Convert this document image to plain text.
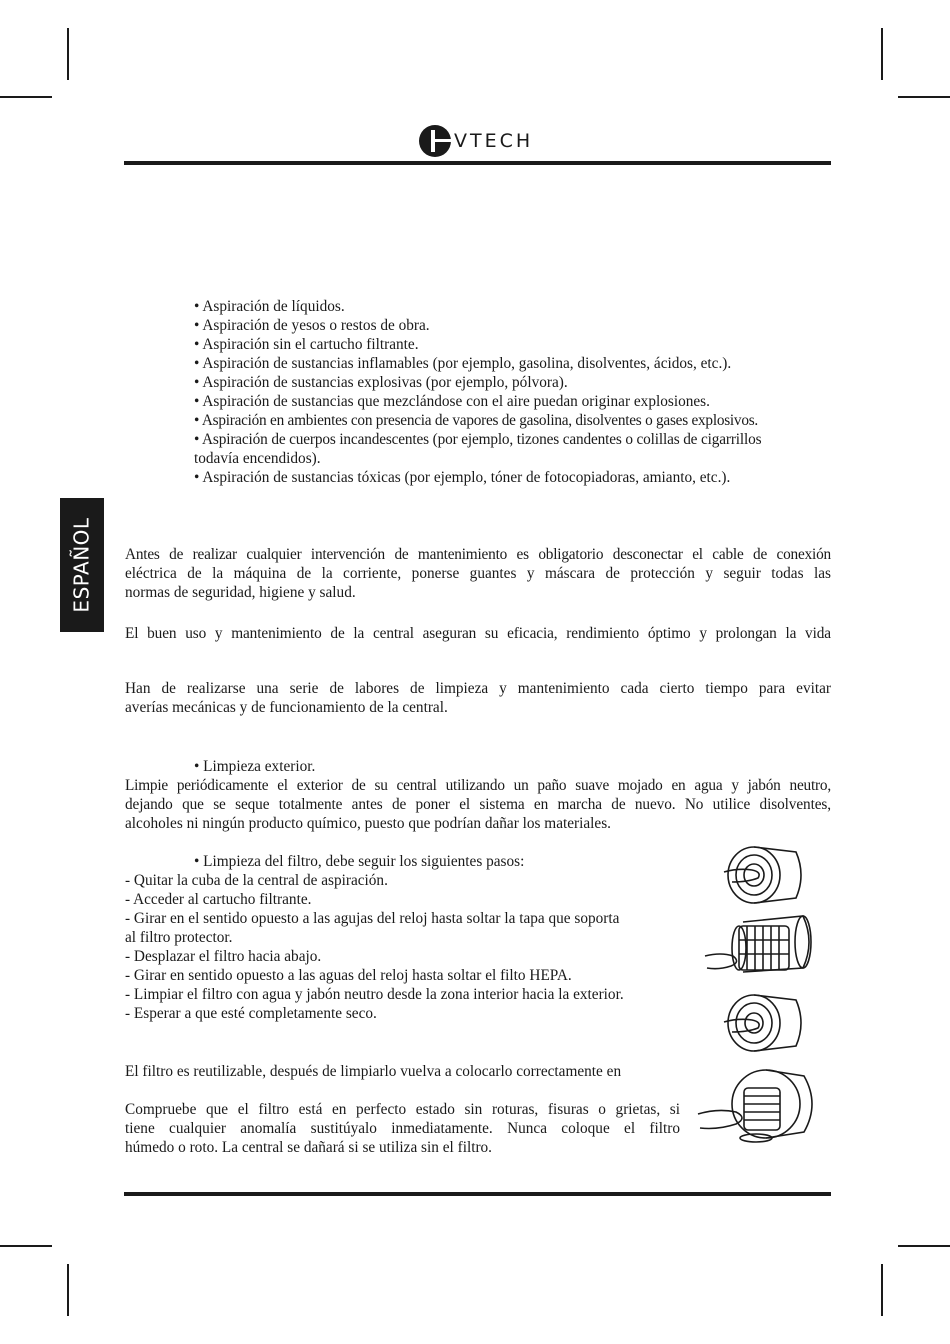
VTECH
ESPAÑOL
• Aspiración de líquidos.
• Aspiración de yesos o restos de obra.
• Aspiración sin el cartucho filtrante.
• Aspiración de sustancias inflamables (por ejemplo, gasolina, disolventes, ácidos, etc.).
• Aspiración de sustancias explosivas (por ejemplo, pólvora).
• Aspiración de sustancias que mezclándose con el aire puedan originar explosiones.
• Aspiración en ambientes con presencia de vapores de gasolina, disolventes o gases explosivos.
• Aspiración de cuerpos incandescentes (por ejemplo, tizones candentes o colillas de cigarrillos
todavía encendidos).
• Aspiración de sustancias tóxicas (por ejemplo, tóner de fotocopiadoras, amianto, etc.).
Antes de realizar cualquier intervención de mantenimiento es obligatorio desconectar el cable de conexión
eléctrica de la máquina de la corriente, ponerse guantes y máscara de protección y seguir todas las
normas de seguridad, higiene y salud.
El buen uso y mantenimiento de la central aseguran su eficacia, rendimiento óptimo y prolongan la vida
Han de realizarse una serie de labores de limpieza y mantenimiento cada cierto tiempo para evitar
averías mecánicas y de funcionamiento de la central.
• Limpieza exterior.
Limpie periódicamente el exterior de su central utilizando un paño suave mojado en agua y jabón neutro,
dejando que se seque totalmente antes de poner el sistema en marcha de nuevo. No utilice disolventes,
alcoholes ni ningún producto químico, puesto que podrían dañar los materiales.
• Limpieza del filtro, debe seguir los siguientes pasos:
- Quitar la cuba de la central de aspiración.
- Acceder al cartucho filtrante.
- Girar en el sentido opuesto a las agujas del reloj hasta soltar la tapa que soporta
al filtro protector.
- Desplazar el filtro hacia abajo.
- Girar en sentido opuesto a las aguas del reloj hasta soltar el filto HEPA.
- Limpiar el filtro con agua y jabón neutro desde la zona interior hacia la exterior.
- Esperar a que esté completamente seco.
El filtro es reutilizable, después de limpiarlo vuelva a colocarlo correctamente en
Compruebe que el filtro está en perfecto estado sin roturas, fisuras o grietas, si
tiene cualquier anomalía sustitúyalo inmediatamente. Nunca coloque el filtro
húmedo o roto. La central se dañará si se utiliza sin el filtro.
